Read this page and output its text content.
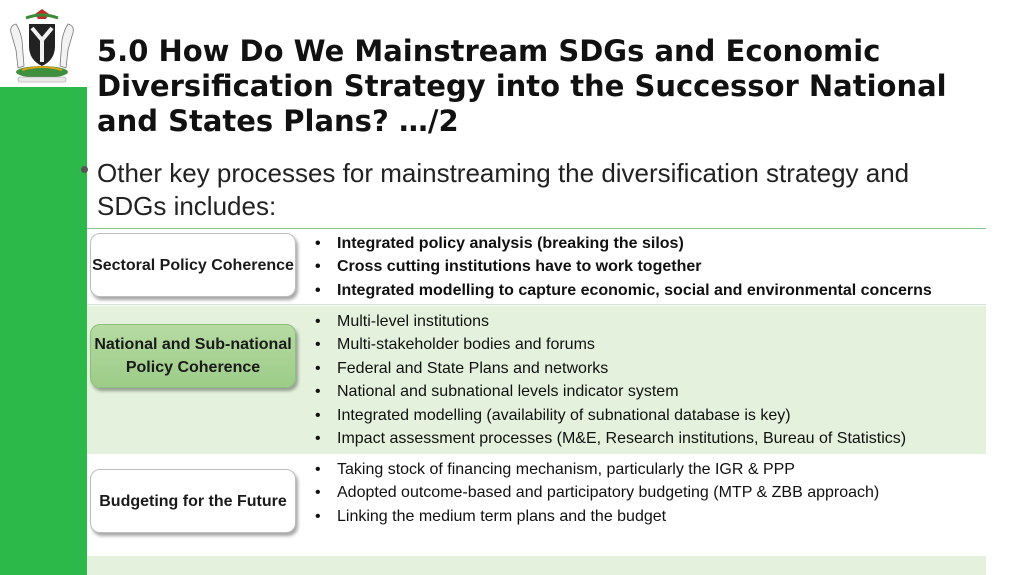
5.0 How Do We Mainstream SDGs and Economic Diversification Strategy into the Successor National and States Plans? …/2
Other key processes for mainstreaming the diversification strategy and SDGs includes:
Sectoral Policy Coherence
• Integrated policy analysis (breaking the silos)
• Cross cutting institutions have to work together
• Integrated modelling to capture economic, social and environmental concerns
National and Sub-national Policy Coherence
• Multi-level institutions
• Multi-stakeholder bodies and forums
• Federal and State Plans and networks
• National and subnational levels indicator system
• Integrated modelling (availability of subnational database is key)
• Impact assessment processes (M&E, Research institutions, Bureau of Statistics)
Budgeting for the Future
• Taking stock of financing mechanism, particularly the IGR & PPP
• Adopted outcome-based and participatory budgeting (MTP & ZBB approach)
• Linking the medium term plans and the budget
